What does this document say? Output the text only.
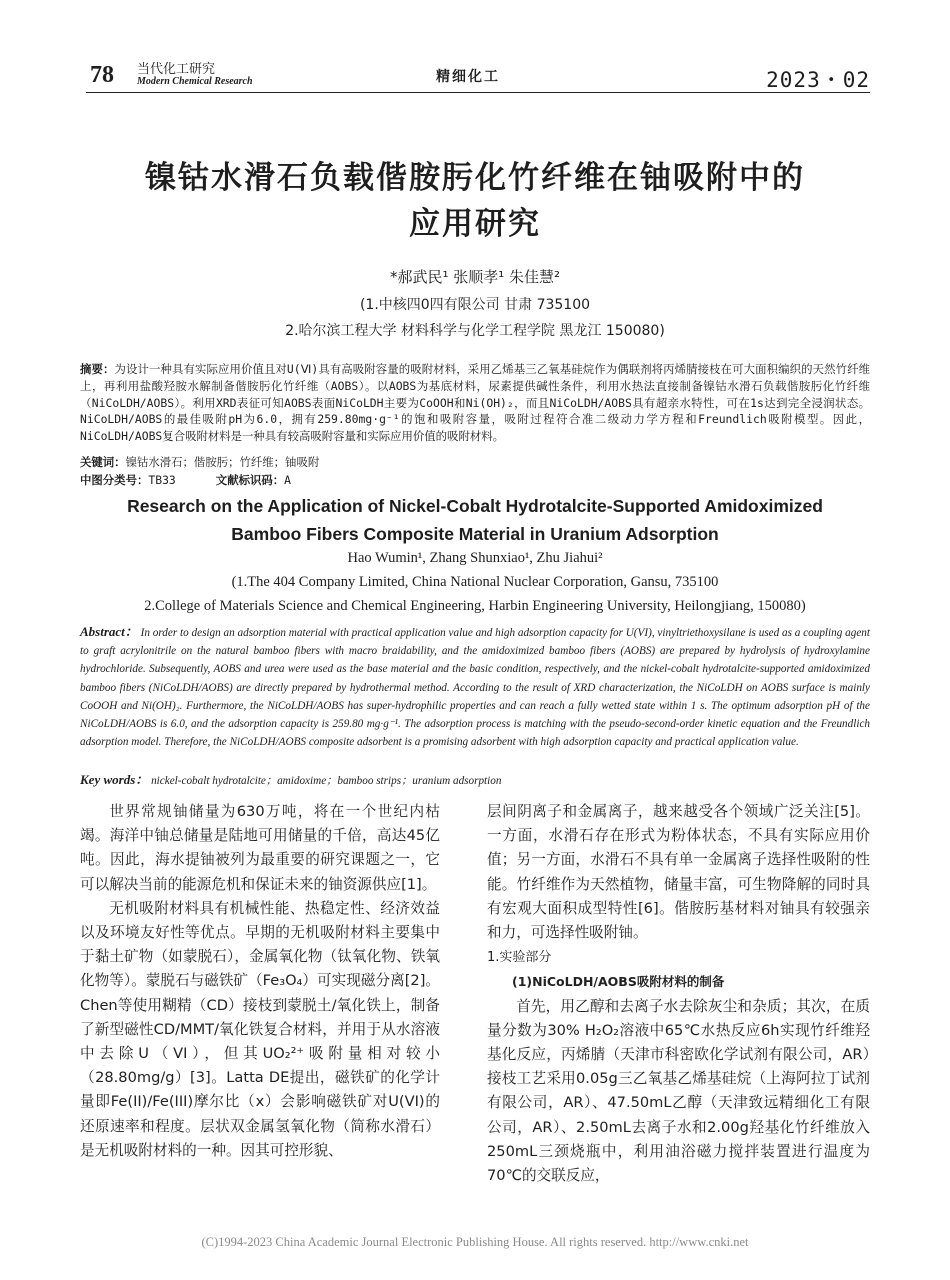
78 当代化工研究
Modern Chemical Research	精细化工	2023・02
镍钴水滑石负载偕胺肟化竹纤维在铀吸附中的
应用研究
*郝武民¹ 张顺孝¹ 朱佳慧²
(1.中核四0四有限公司 甘肃 735100
2.哈尔滨工程大学 材料科学与化学工程学院 黑龙江 150080)
摘要：为设计一种具有实际应用价值且对U(Ⅵ)具有高吸附容量的吸附材料，采用乙烯基三乙氧基硅烷作为偶联剂将丙烯腈接枝在可大面积编织的天然竹纤维上，再利用盐酸羟胺水解制备偕胺肟化竹纤维（AOBS）。以AOBS为基底材料，尿素提供碱性条件，利用水热法直接制备镍钴水滑石负载偕胺肟化竹纤维（NiCoLDH/AOBS）。利用XRD表征可知AOBS表面NiCoLDH主要为CoOOH和Ni(OH)₂，而且NiCoLDH/AOBS具有超亲水特性，可在1s达到完全浸润状态。NiCoLDH/AOBS的最佳吸附pH为6.0，拥有259.80mg·g⁻¹的饱和吸附容量，吸附过程符合准二级动力学方程和Freundlich吸附模型。因此，NiCoLDH/AOBS复合吸附材料是一种具有较高吸附容量和实际应用价值的吸附材料。
关键词：镍钴水滑石；偕胺肟；竹纤维；铀吸附
中图分类号：TB33	文献标识码：A
Research on the Application of Nickel-Cobalt Hydrotalcite-Supported Amidoximized
Bamboo Fibers Composite Material in Uranium Adsorption
Hao Wumin¹, Zhang Shunxiao¹, Zhu Jiahui²
(1.The 404 Company Limited, China National Nuclear Corporation, Gansu, 735100
2.College of Materials Science and Chemical Engineering, Harbin Engineering University, Heilongjiang, 150080)
Abstract： In order to design an adsorption material with practical application value and high adsorption capacity for U(VI), vinyltriethoxysilane is used as a coupling agent to graft acrylonitrile on the natural bamboo fibers with macro braidability, and the amidoximized bamboo fibers (AOBS) are prepared by hydrolysis of hydroxylamine hydrochloride. Subsequently, AOBS and urea were used as the base material and the basic condition, respectively, and the nickel-cobalt hydrotalcite-supported amidoximized bamboo fibers (NiCoLDH/AOBS) are directly prepared by hydrothermal method. According to the result of XRD characterization, the NiCoLDH on AOBS surface is mainly CoOOH and Ni(OH)₂. Furthermore, the NiCoLDH/AOBS has super-hydrophilic properties and can reach a fully wetted state within 1 s. The optimum adsorption pH of the NiCoLDH/AOBS is 6.0, and the adsorption capacity is 259.80 mg·g⁻¹. The adsorption process is matching with the pseudo-second-order kinetic equation and the Freundlich adsorption model. Therefore, the NiCoLDH/AOBS composite adsorbent is a promising adsorbent with high adsorption capacity and practical application value.
Key words： nickel-cobalt hydrotalcite；amidoxime；bamboo strips；uranium adsorption

世界常规铀储量为630万吨，将在一个世纪内枯竭。海洋中铀总储量是陆地可用储量的千倍，高达45亿吨。因此，海水提铀被列为最重要的研究课题之一，它可以解决当前的能源危机和保证未来的铀资源供应[1]。

无机吸附材料具有机械性能、热稳定性、经济效益以及环境友好性等优点。早期的无机吸附材料主要集中于黏土矿物（如蒙脱石），金属氧化物（钛氧化物、铁氧化物等）。蒙脱石与磁铁矿（Fe₃O₄）可实现磁分离[2]。Chen等使用糊精（CD）接枝到蒙脱土/氧化铁上，制备了新型磁性CD/MMT/氧化铁复合材料，并用于从水溶液中去除U（VI），但其UO₂²⁺吸附量相对较小（28.80mg/g）[3]。Latta DE提出，磁铁矿的化学计量即Fe(II)/Fe(III)摩尔比（x）会影响磁铁矿对U(VI)的还原速率和程度。层状双金属氢氧化物（简称水滑石）是无机吸附材料的一种。因其可控形貌、

层间阴离子和金属离子，越来越受各个领域广泛关注[5]。一方面，水滑石存在形式为粉体状态，不具有实际应用价值；另一方面，水滑石不具有单一金属离子选择性吸附的性能。竹纤维作为天然植物，储量丰富，可生物降解的同时具有宏观大面积成型特性[6]。偕胺肟基材料对铀具有较强亲和力，可选择性吸附铀。

1.实验部分

(1)NiCoLDH/AOBS吸附材料的制备

首先，用乙醇和去离子水去除灰尘和杂质；其次，在质量分数为30% H₂O₂溶液中65℃水热反应6h实现竹纤维羟基化反应，丙烯腈（天津市科密欧化学试剂有限公司，AR）接枝工艺采用0.05g三乙氧基乙烯基硅烷（上海阿拉丁试剂有限公司，AR）、47.50mL乙醇（天津致远精细化工有限公司，AR）、2.50mL去离子水和2.00g羟基化竹纤维放入250mL三颈烧瓶中，利用油浴磁力搅拌装置进行温度为70℃的交联反应，

(C)1994-2023 China Academic Journal Electronic Publishing House. All rights reserved. http://www.cnki.net
